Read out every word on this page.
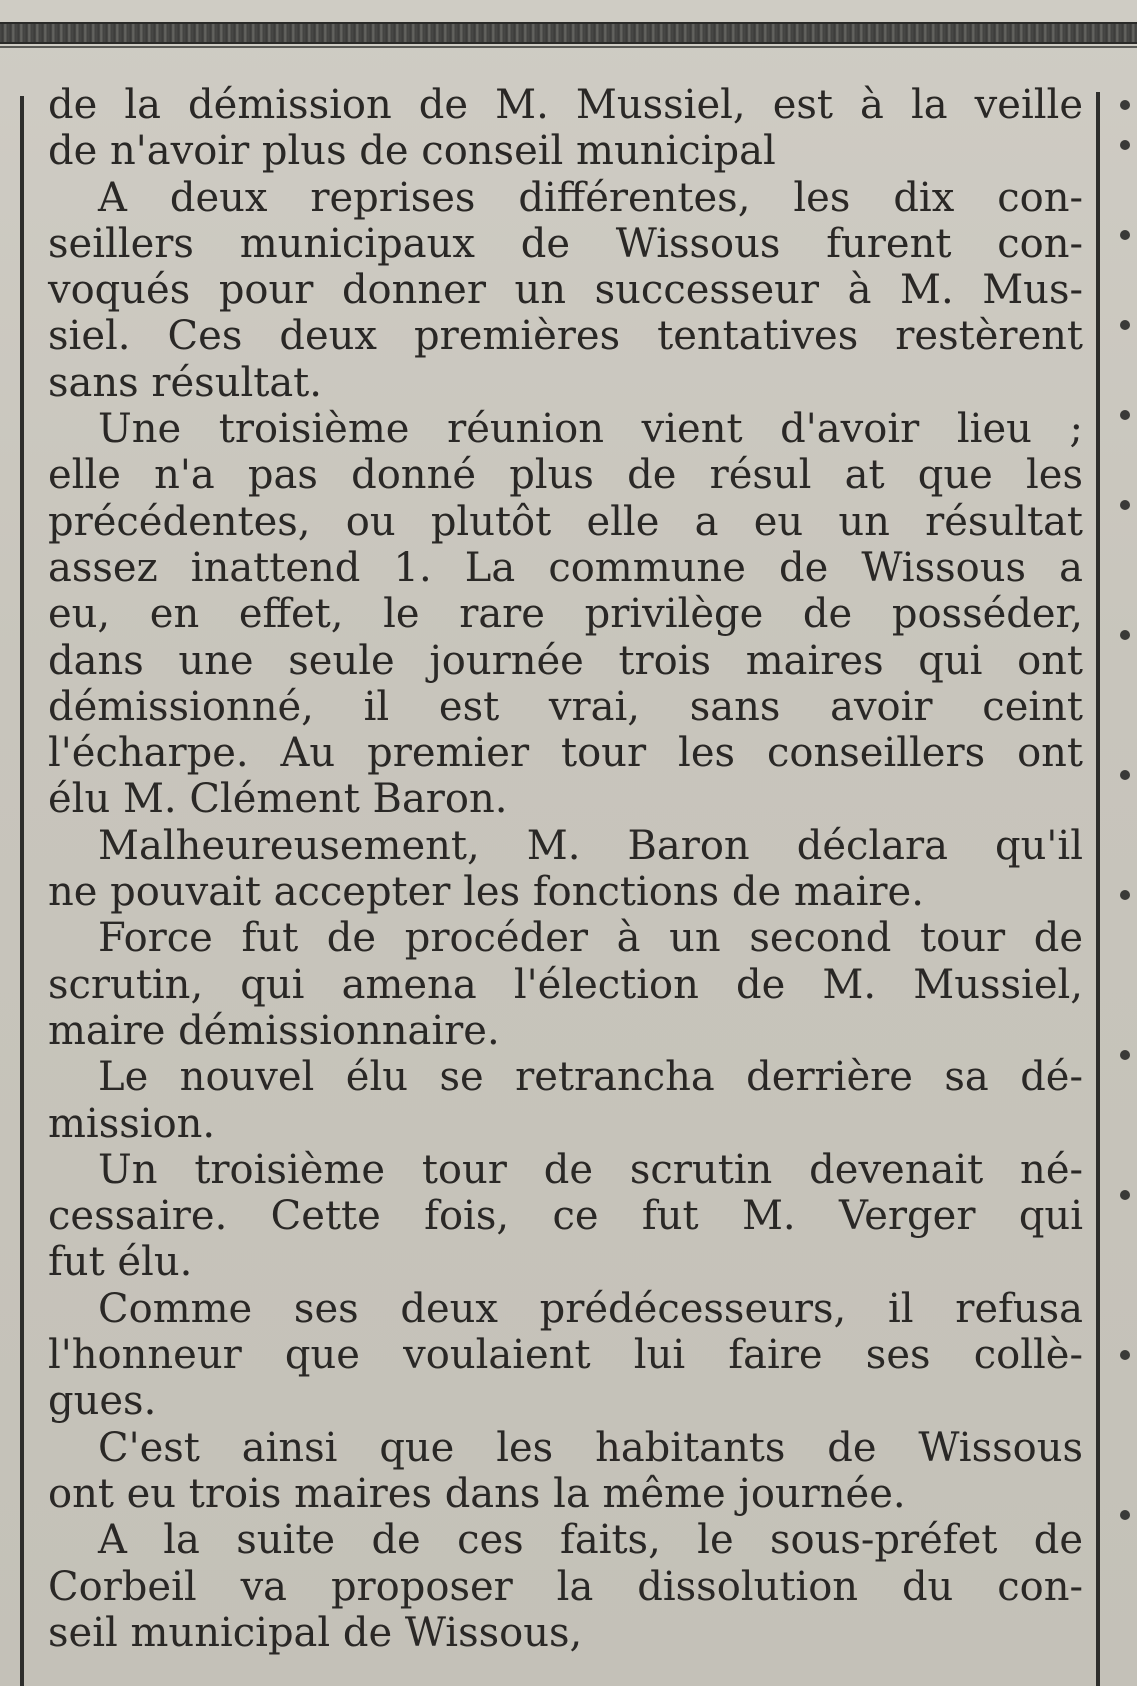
de la démission de M. Mussiel, est à la veille
de n'avoir plus de conseil municipal
A deux reprises différentes, les dix con-
seillers municipaux de Wissous furent con-
voqués pour donner un successeur à M. Mus-
siel. Ces deux premières tentatives restèrent
sans résultat.
Une troisième réunion vient d'avoir lieu ;
elle n'a pas donné plus de résul at que les
précédentes, ou plutôt elle a eu un résultat
assez inattend 1. La commune de Wissous a
eu, en effet, le rare privilège de posséder,
dans une seule journée trois maires qui ont
démissionné, il est vrai, sans avoir ceint
l'écharpe. Au premier tour les conseillers ont
élu M. Clément Baron.
Malheureusement, M. Baron déclara qu'il
ne pouvait accepter les fonctions de maire.
Force fut de procéder à un second tour de
scrutin, qui amena l'élection de M. Mussiel,
maire démissionnaire.
Le nouvel élu se retrancha derrière sa dé-
mission.
Un troisième tour de scrutin devenait né-
cessaire. Cette fois, ce fut M. Verger qui
fut élu.
Comme ses deux prédécesseurs, il refusa
l'honneur que voulaient lui faire ses collè-
gues.
C'est ainsi que les habitants de Wissous
ont eu trois maires dans la même journée.
A la suite de ces faits, le sous-préfet de
Corbeil va proposer la dissolution du con-
seil municipal de Wissous,
